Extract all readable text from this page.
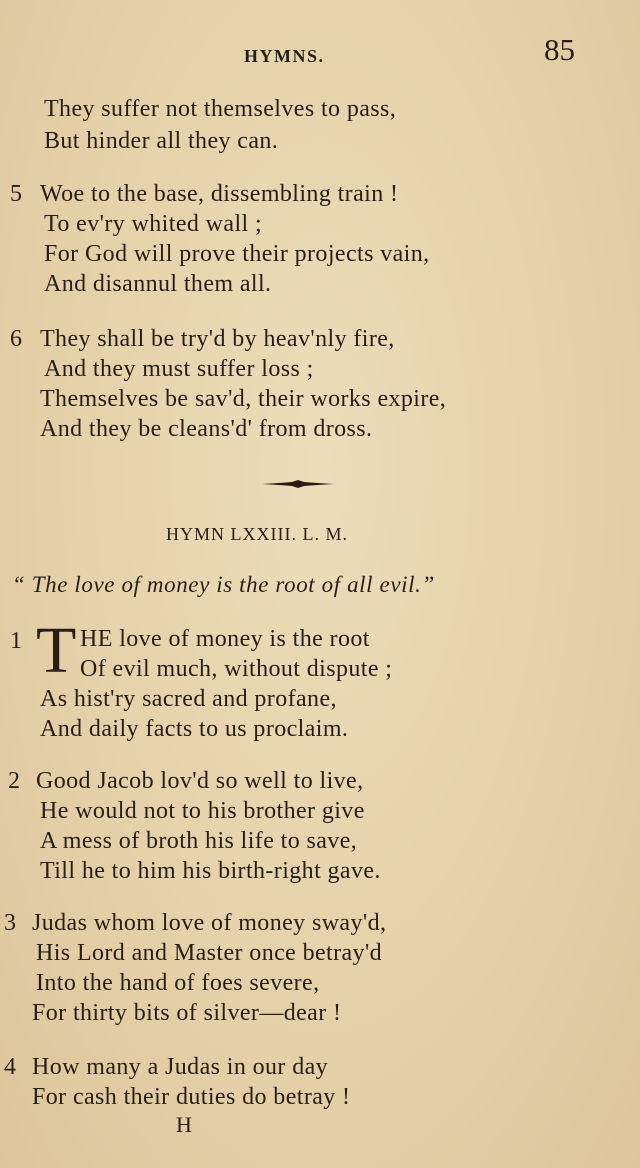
HYMNS.	85
They suffer not themselves to pass,
But hinder all they can.
5 Woe to the base, dissembling train !
To ev'ry whited wall ;
For God will prove their projects vain,
And disannul them all.
6 They shall be try'd by heav'nly fire,
And they must suffer loss ;
Themselves be sav'd, their works expire,
And they be cleans'd' from dross.
HYMN LXXIII. L. M.
“ The love of money is the root of all evil.”
1 T HE love of money is the root
Of evil much, without dispute ;
As hist'ry sacred and profane,
And daily facts to us proclaim.
2 Good Jacob lov'd so well to live,
He would not to his brother give
A mess of broth his life to save,
Till he to him his birth-right gave.
3 Judas whom love of money sway'd,
His Lord and Master once betray'd
Into the hand of foes severe,
For thirty bits of silver—dear !
4 How many a Judas in our day
For cash their duties do betray !
H
